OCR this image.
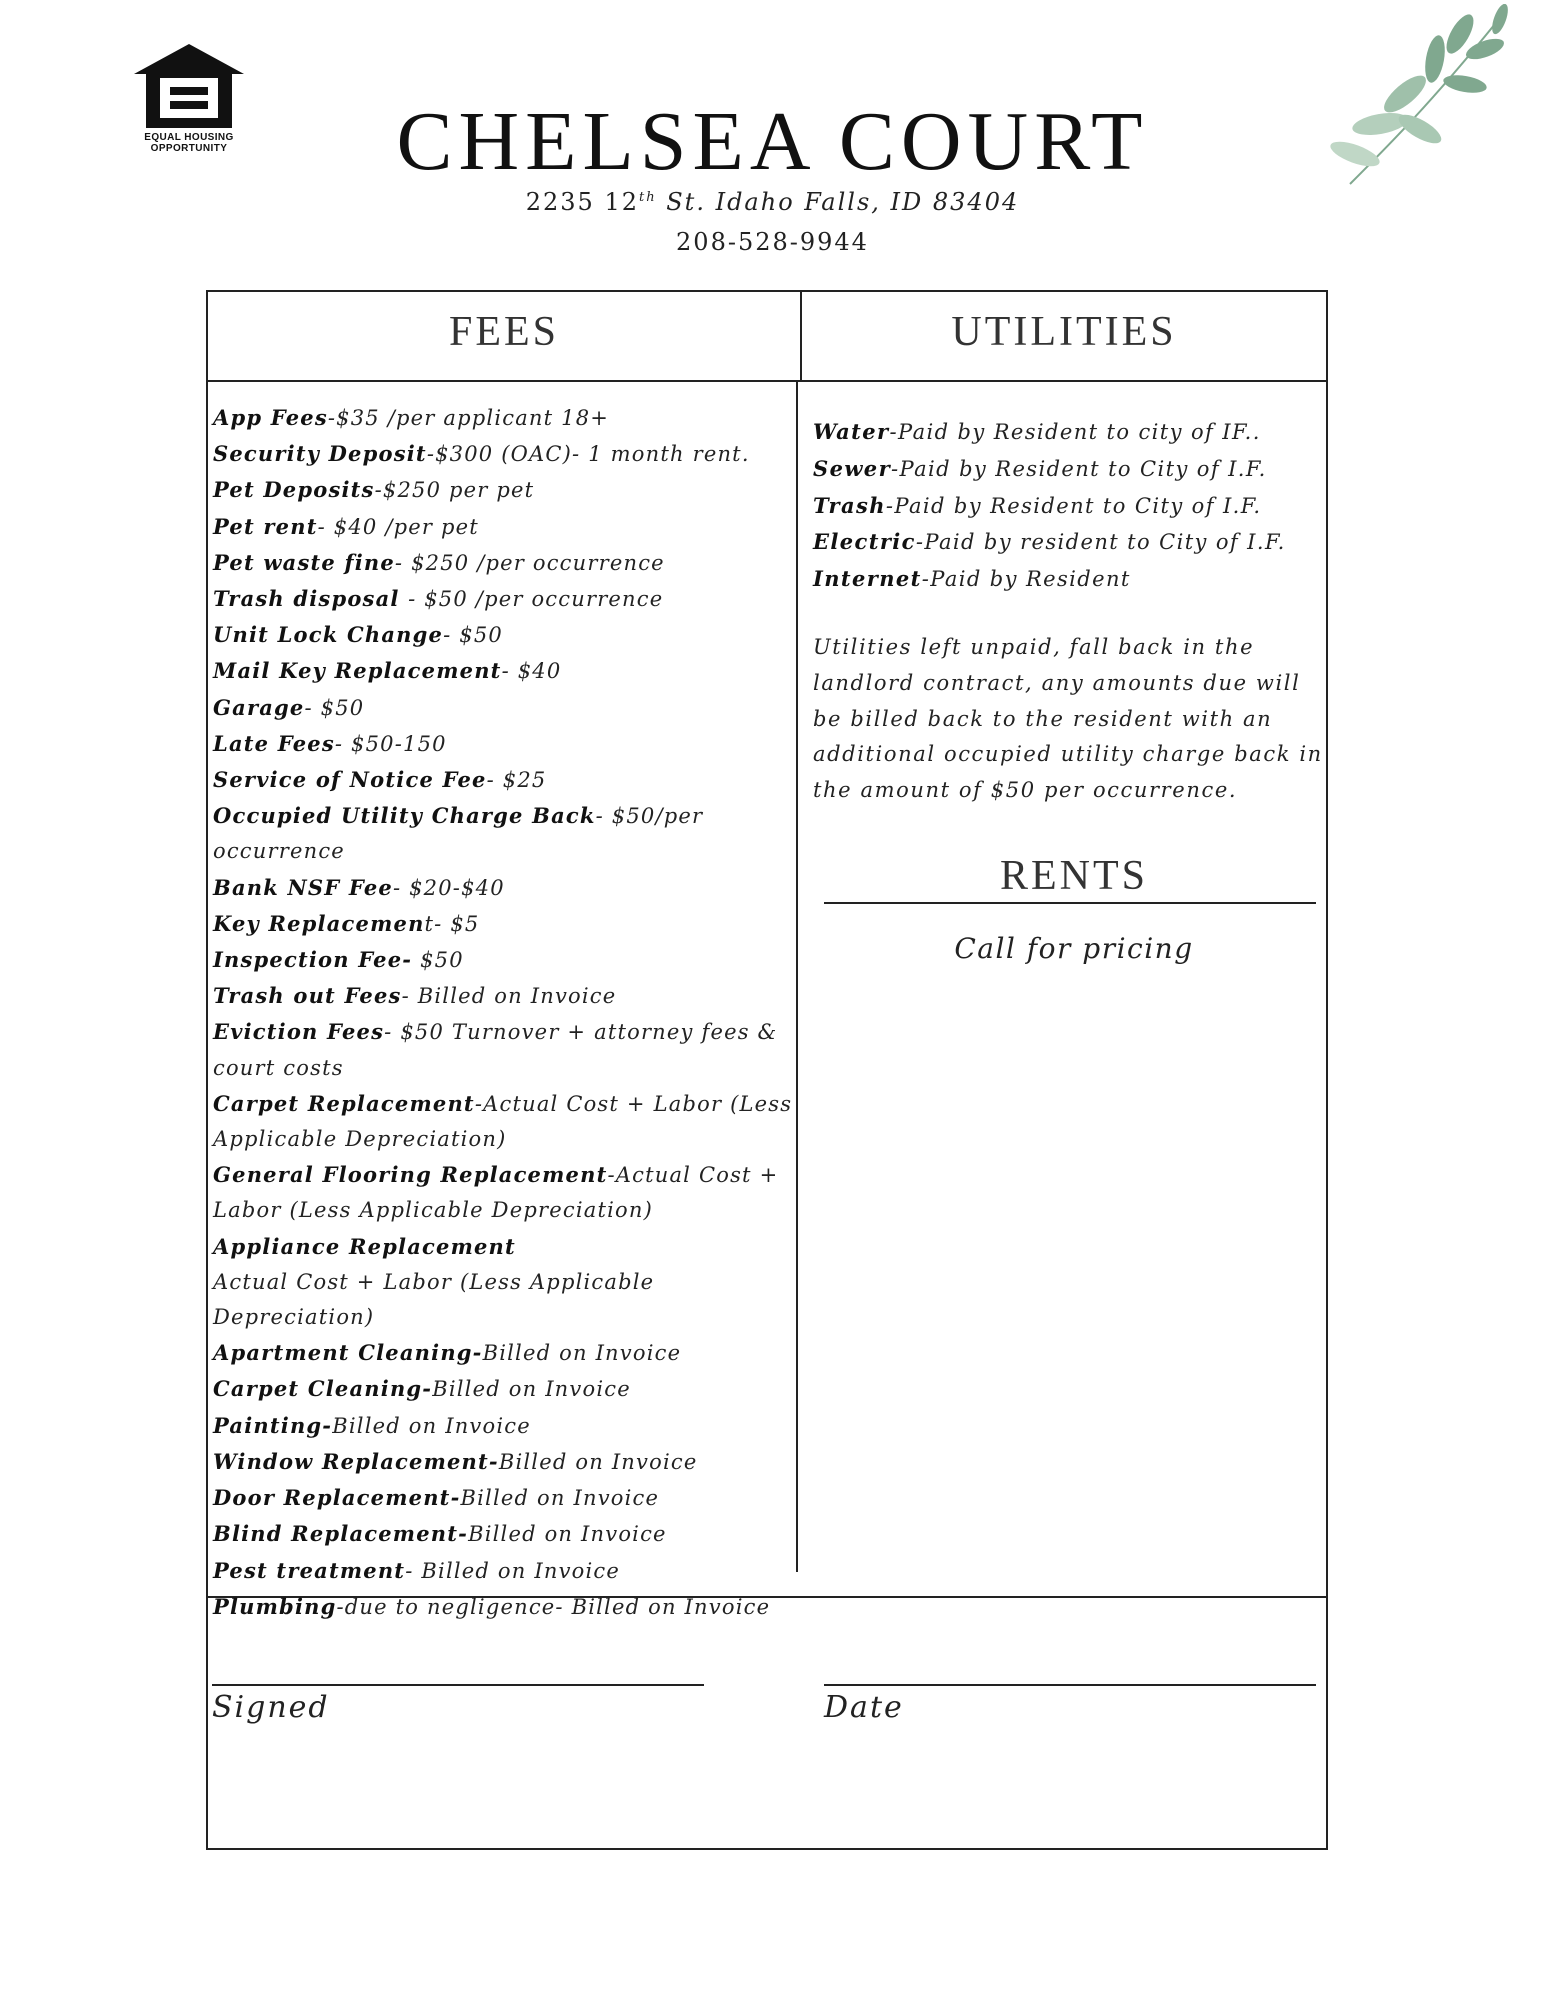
EQUAL HOUSING
OPPORTUNITY	CHELSEA COURT
2235 12th St. Idaho Falls, ID 83404
208-528-9944
FEES	UTILITIES
App Fees-$35 /per applicant 18+
Security Deposit-$300 (OAC)- 1 month rent.
Pet Deposits-$250 per pet
Pet rent- $40 /per pet
Pet waste fine- $250 /per occurrence
Trash disposal - $50 /per occurrence
Unit Lock Change- $50
Mail Key Replacement- $40
Garage- $50
Late Fees- $50-150
Service of Notice Fee- $25
Occupied Utility Charge Back- $50/per occurrence
Bank NSF Fee- $20-$40
Key Replacement- $5
Inspection Fee- $50
Trash out Fees- Billed on Invoice
Eviction Fees- $50 Turnover + attorney fees & court costs
Carpet Replacement-Actual Cost + Labor (Less Applicable Depreciation)
General Flooring Replacement-Actual Cost + Labor (Less Applicable Depreciation)
Appliance Replacement
Actual Cost + Labor (Less Applicable Depreciation)
Apartment Cleaning-Billed on Invoice
Carpet Cleaning-Billed on Invoice
Painting-Billed on Invoice
Window Replacement-Billed on Invoice
Door Replacement-Billed on Invoice
Blind Replacement-Billed on Invoice
Pest treatment- Billed on Invoice
Plumbing-due to negligence- Billed on Invoice
Water-Paid by Resident to city of IF..
Sewer-Paid by Resident to City of I.F.
Trash-Paid by Resident to City of I.F.
Electric-Paid by resident to City of I.F.
Internet-Paid by Resident

Utilities left unpaid, fall back in the landlord contract, any amounts due will be billed back to the resident with an additional occupied utility charge back in the amount of $50 per occurrence.

RENTS
Call for pricing
Signed	Date
